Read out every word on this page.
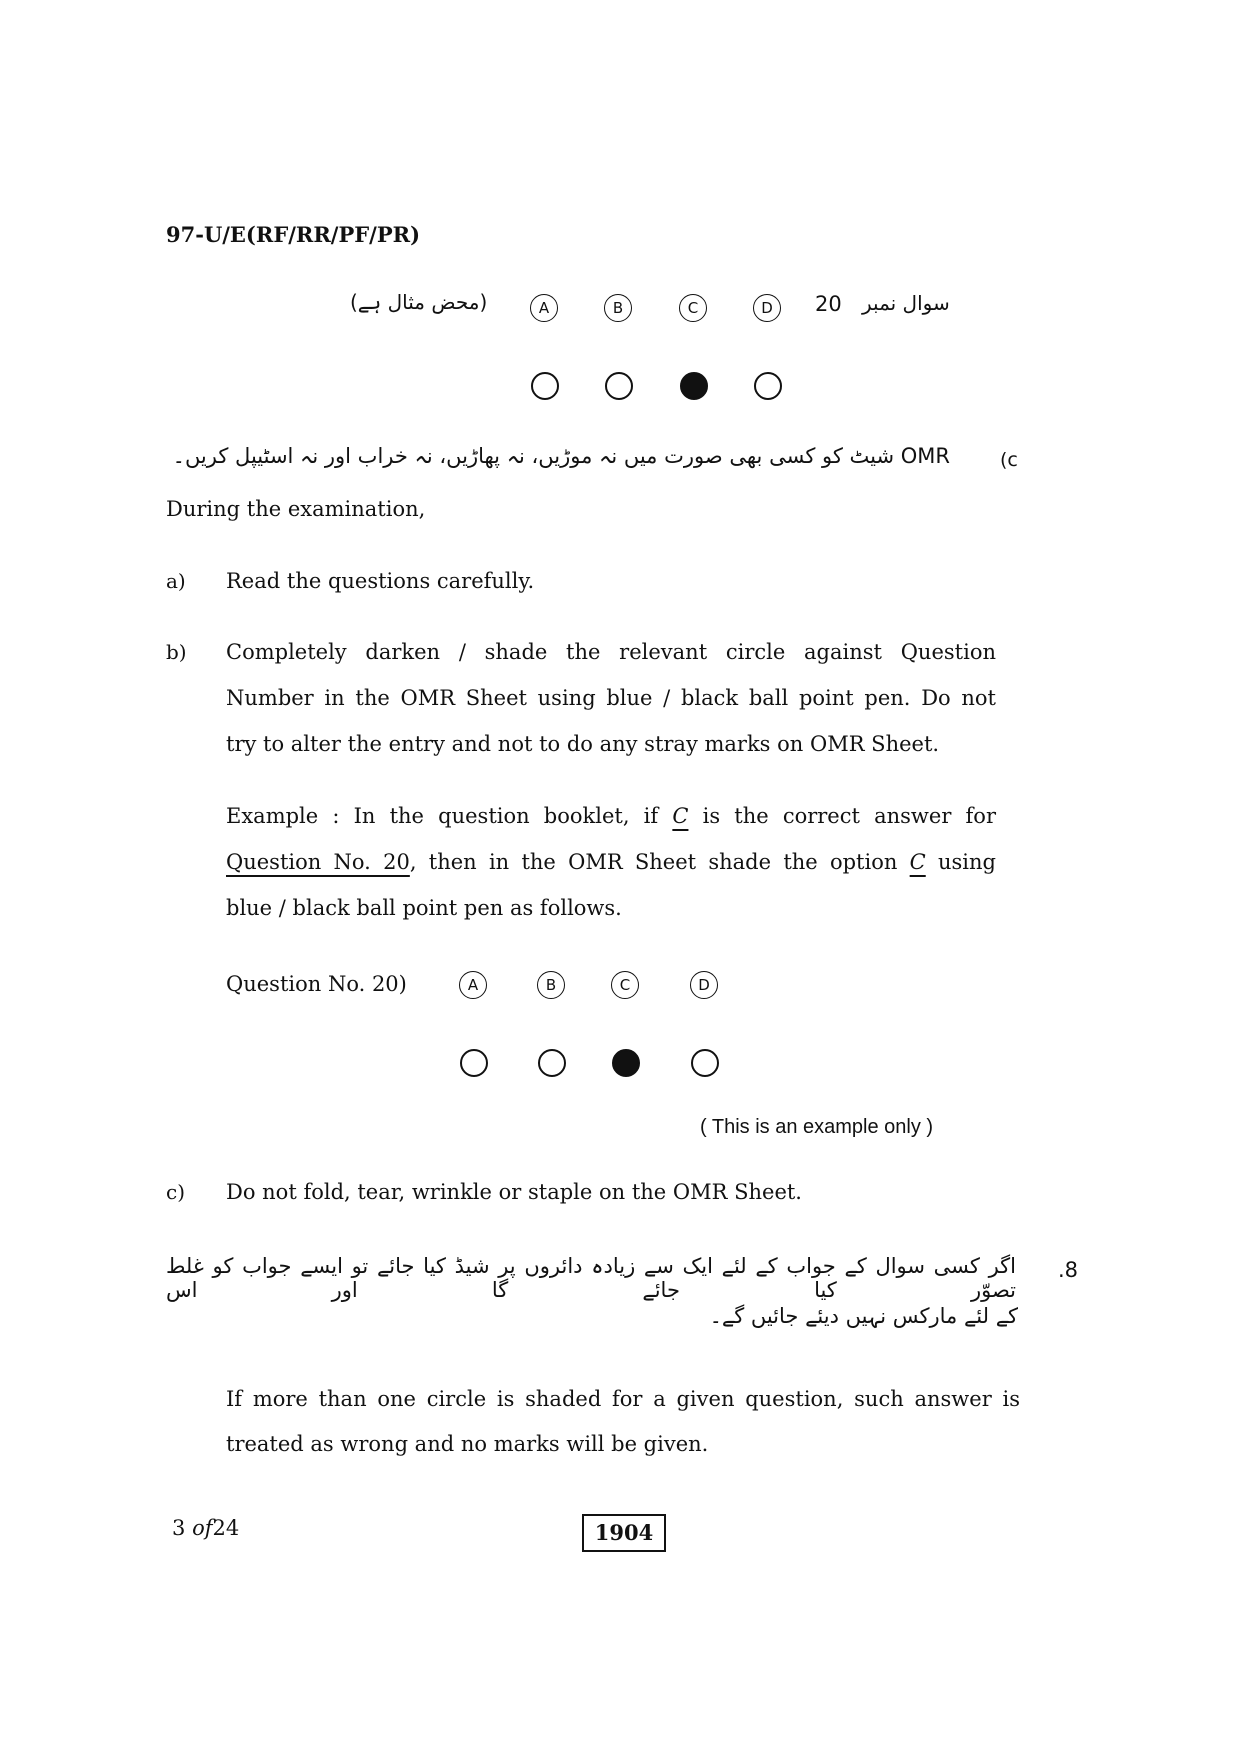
97-U/E(RF/RR/PF/PR)
(محض مثال ہے)	A	B	C	D	20 سوال نمبر
OMR شیٹ کو کسی بھی صورت میں نہ موڑیں، نہ پھاڑیں، نہ خراب اور نہ اسٹیپل کریں۔	(c
During the examination,
a) Read the questions carefully.
b) Completely darken / shade the relevant circle against Question
Number in the OMR Sheet using blue / black ball point pen. Do not
try to alter the entry and not to do any stray marks on OMR Sheet.
Example : In the question booklet, if C is the correct answer for
Question No. 20, then in the OMR Sheet shade the option C using
blue / black ball point pen as follows.
Question No. 20)	A	B	C	D
( This is an example only )
c) Do not fold, tear, wrinkle or staple on the OMR Sheet.
اگر کسی سوال کے جواب کے لئے ایک سے زیادہ دائروں پر شیڈ کیا جائے تو ایسے جواب کو غلط تصوّر کیا جائے گا اور اس
.8
کے لئے مارکس نہیں دیئے جائیں گے۔
If more than one circle is shaded for a given question, such answer is
treated as wrong and no marks will be given.
3 of24	1904
